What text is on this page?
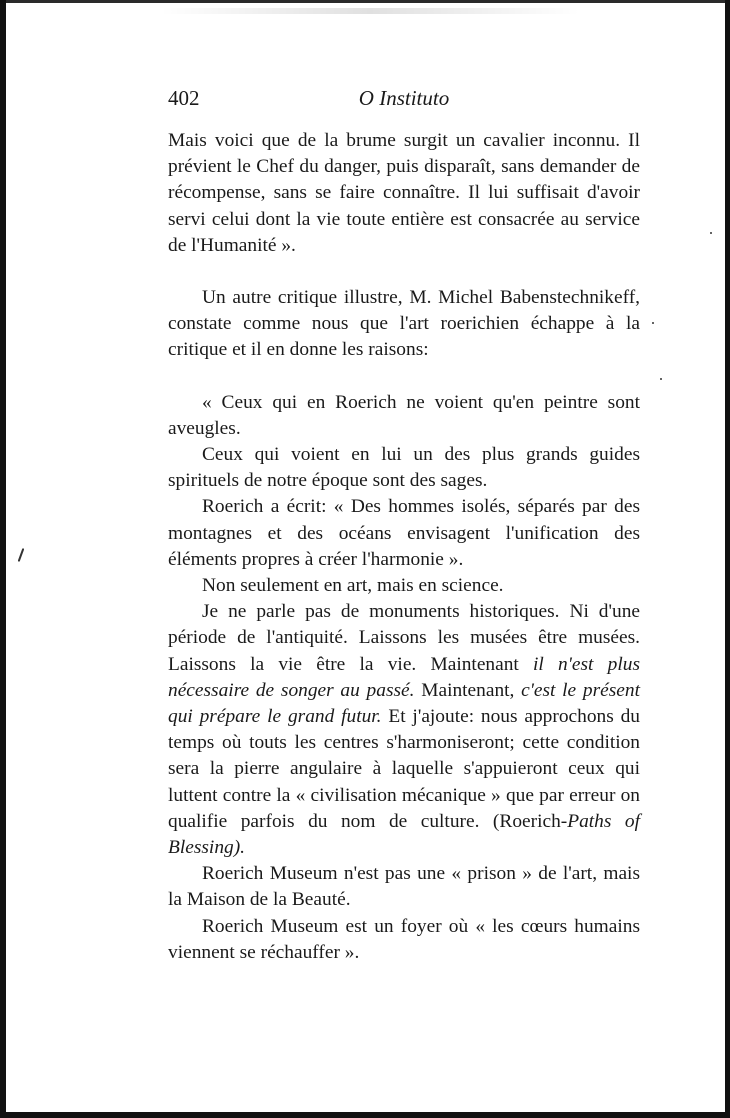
402	O Instituto

Mais voici que de la brume surgit un cavalier inconnu. Il prévient le Chef du danger, puis disparaît, sans demander de récompense, sans se faire connaître. Il lui suffisait d'avoir servi celui dont la vie toute entière est consacrée au service de l'Humanité ».

Un autre critique illustre, M. Michel Babenstechnikeff, constate comme nous que l'art roerichien échappe à la critique et il en donne les raisons:

« Ceux qui en Roerich ne voient qu'en peintre sont aveugles.

Ceux qui voient en lui un des plus grands guides spirituels de notre époque sont des sages.

Roerich a écrit: « Des hommes isolés, séparés par des montagnes et des océans envisagent l'unification des éléments propres à créer l'harmonie ».

Non seulement en art, mais en science.

Je ne parle pas de monuments historiques. Ni d'une période de l'antiquité. Laissons les musées être musées. Laissons la vie être la vie. Maintenant il n'est plus nécessaire de songer au passé. Maintenant, c'est le présent qui prépare le grand futur. Et j'ajoute: nous approchons du temps où touts les centres s'harmoniseront; cette condition sera la pierre angulaire à laquelle s'appuieront ceux qui luttent contre la « civilisation mécanique » que par erreur on qualifie parfois du nom de culture. (Roerich-Paths of Blessing).

Roerich Museum n'est pas une « prison » de l'art, mais la Maison de la Beauté.

Roerich Museum est un foyer où « les cœurs humains viennent se réchauffer ».
